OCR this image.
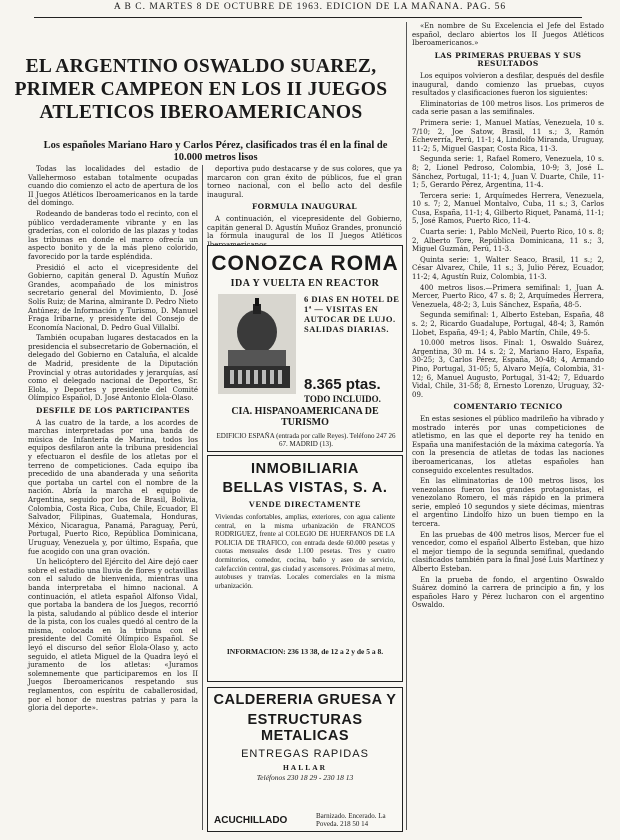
A B C. MARTES 8 DE OCTUBRE DE 1963. EDICION DE LA MAÑANA. PAG. 56
EL ARGENTINO OSWALDO SUAREZ, PRIMER CAMPEON EN LOS II JUEGOS ATLETICOS IBEROAMERICANOS
Los españoles Mariano Haro y Carlos Pérez, clasificados tras él en la final de 10.000 metros lisos

Todas las localidades del estadio de Vallehermoso estaban totalmente ocupadas cuando dio comienzo el acto de apertura de los II Juegos Atléticos Iberoamericanos en la tarde del domingo.

Rodeando de banderas todo el recinto, con el público verdaderamente vibrante y en las graderías, con el colorido de las plazas y todas las tribunas en donde el marco ofrecía un aspecto bonito y de la más pleno colorido, favorecido por la tarde espléndida.

Presidió el acto el vicepresidente del Gobierno, capitán general D. Agustín Muñoz Grandes, acompañado de los ministros secretario general del Movimiento, D. José Solís Ruiz; de Marina, almirante D. Pedro Nieto Antúnez; de Información y Turismo, D. Manuel Fraga Iribarne, y presidente del Consejo de Economía Nacional, D. Pedro Gual Villalbí.

También ocupaban lugares destacados en la presidencia el subsecretario de Gobernación, el delegado del Gobierno en Cataluña, el alcalde de Madrid, presidente de la Diputación Provincial y otras autoridades y jerarquías, así como el delegado nacional de Deportes, Sr. Elola, y Deportes y presidente del Comité Olímpico Español, D. José Antonio Elola-Olaso.

DESFILE DE LOS PARTICIPANTES

A las cuatro de la tarde, a los acordes de marchas interpretadas por una banda de música de Infantería de Marina, todos los equipos desfilaron ante la tribuna presidencial y efectuaron el desfile de los atletas por el terreno de competiciones. Cada equipo iba precedido de una abanderada y una señorita que portaba un cartel con el nombre de la nación. Abría la marcha el equipo de Argentina, seguido por los de Brasil, Bolivia, Colombia, Costa Rica, Cuba, Chile, Ecuador, El Salvador, Filipinas, Guatemala, Honduras, México, Nicaragua, Panamá, Paraguay, Perú, Portugal, Puerto Rico, República Dominicana, Uruguay, Venezuela y, por último, España, que fue acogido con una gran ovación.

Un helicóptero del Ejército del Aire dejó caer sobre el estadio una lluvia de flores y octavillas con el saludo de bienvenida, mientras una banda interpretaba el himno nacional. A continuación, el atleta español Alfonso Vidal, que portaba la bandera de los Juegos, recorrió la pista, saludando al público desde el interior de la pista, con los cuales quedó al centro de la misma, colocada en la tribuna con el presidente del Comité Olímpico Español. Se leyó el discurso del señor Elola-Olaso y, acto seguido, el atleta Miguel de la Quadra leyó el juramento de los atletas: «Juramos solemnemente que participaremos en los II Juegos Iberoamericanos respetando sus reglamentos, con espíritu de caballerosidad, por el honor de nuestras patrias y para la gloria del deporte».

deportiva pudo destacarse y de sus colores, que ya marcaron con gran éxito de públicos, fue el gran torneo nacional, con el bello acto del desfile inaugural.

FORMULA INAUGURAL

A continuación, el vicepresidente del Gobierno, capitán general D. Agustín Muñoz Grandes, pronunció la fórmula inaugural de los II Juegos Atléticos

CONOZCA ROMA
IDA Y VUELTA EN REACTOR
6 DIAS EN HOTEL DE 1ª — VISITAS EN AUTOCAR DE LUJO. SALIDAS DIARIAS.
8.365 ptas.
TODO INCLUIDO.
CIA. HISPANOAMERICANA DE TURISMO
EDIFICIO ESPAÑA (entrada por calle Reyes). Teléfono 247 26 67. MADRID (13).
INMOBILIARIA
BELLAS VISTAS, S. A.
VENDE DIRECTAMENTE
Viviendas confortables, amplias, exteriores, con agua caliente central, en la misma urbanización de FRANCOS RODRIGUEZ, frente al COLEGIO DE HUERFANOS DE LA POLICIA DE TRAFICO, con entrada desde 60.000 pesetas y cuotas mensuales desde 1.100 pesetas. Tres y cuatro dormitorios, comedor, cocina, baño y aseo de servicio, calefacción central, gas ciudad y ascensores. Próximas al metro, autobuses y tranvías. Locales comerciales en la misma urbanización.
INFORMACION: 236 13 38, de 12 a 2 y de 5 a 8.
CALDERERIA GRUESA Y
ESTRUCTURAS METALICAS
ENTREGAS RAPIDAS
HALLAR
Teléfonos 230 18 29 - 230 18 13
ACUCHILLADO	Barnizado. Encerado. La Poveda. 218 50 14

«En nombre de Su Excelencia el Jefe del Estado español, declaro abiertos los II Juegos Atléticos Iberoamericanos.»

LAS PRIMERAS PRUEBAS Y SUS RESULTADOS

Los equipos volvieron a desfilar, después del desfile inaugural, dando comienzo las pruebas, cuyos resultados y clasificaciones fueron los siguientes:

Eliminatorias de 100 metros lisos. Los primeros de cada serie pasan a las semifinales.

Primera serie: 1, Manuel Matías, Venezuela, 10 s. 7/10; 2, Joe Satow, Brasil, 11 s.; 3, Ramón Echeverría, Perú, 11-1; 4, Lindolfo Miranda, Uruguay, 11-2; 5, Miguel Gaspar, Costa Rica, 11-3.

Segunda serie: 1, Rafael Romero, Venezuela, 10 s. 8; 2, Lionel Pedroso, Colombia, 10-9; 3, José L. Sánchez, Portugal, 11-1; 4, Juan V. Duarte, Chile, 11-1; 5, Gerardo Pérez, Argentina, 11-4.

Tercera serie: 1, Arquímedes Herrera, Venezuela, 10 s. 7; 2, Manuel Montalvo, Cuba, 11 s.; 3, Carlos Cusa, España, 11-1; 4, Gilberto Riquet, Panamá, 11-1; 5, José Ramos, Puerto Rico, 11-4.

Cuarta serie: 1, Pablo McNeil, Puerto Rico, 10 s. 8; 2, Alberto Tore, República Dominicana, 11 s.; 3, Miguel Guzmán, Perú, 11-3.

Quinta serie: 1, Walter Seaco, Brasil, 11 s.; 2, César Alvarez, Chile, 11 s.; 3, Julio Pérez, Ecuador, 11-2; 4, Agustín Ruiz, Colombia, 11-3.

400 metros lisos.—Primera semifinal: 1, Juan A. Mercer, Puerto Rico, 47 s. 8; 2, Arquímedes Herrera, Venezuela, 48-2; 3, Luis Sánchez, España, 48-5.

Segunda semifinal: 1, Alberto Esteban, España, 48 s. 2; 2, Ricardo Guadalupe, Portugal, 48-4; 3, Ramón Llobet, España, 49-1; 4, Pablo Martín, Chile, 49-5.

10.000 metros lisos. Final: 1, Oswaldo Suárez, Argentina, 30 m. 14 s. 2; 2, Mariano Haro, España, 30-25; 3, Carlos Pérez, España, 30-48; 4, Armando Pino, Portugal, 31-05; 5, Alvaro Mejía, Colombia, 31-12; 6, Manuel Augusto, Portugal, 31-42; 7, Eduardo Vidal, Chile, 31-58; 8, Ernesto Lorenzo, Uruguay, 32-09.

COMENTARIO TECNICO

En estas sesiones el público madrileño ha vibrado y mostrado interés por unas competiciones de atletismo, en las que el deporte rey ha tenido en España una manifestación de la máxima categoría. Ya con la presencia de atletas de todas las naciones iberoamericanas, los atletas españoles han conseguido excelentes resultados.

En las eliminatorias de 100 metros lisos, los venezolanos fueron los grandes protagonistas, el venezolano Romero, el más rápido en la primera serie, empleó 10 segundos y siete décimas, mientras el argentino Lindolfo hizo un buen tiempo en la tercera.

En las pruebas de 400 metros lisos, Mercer fue el vencedor, como el español Alberto Esteban, que hizo el mejor tiempo de la segunda semifinal, quedando clasificados también para la final José Luis Martínez y Alberto Esteban.

En la prueba de fondo, el argentino Oswaldo Suárez dominó la carrera de principio a fin, y los españoles Haro y Pérez lucharon con el argentino Oswaldo.
